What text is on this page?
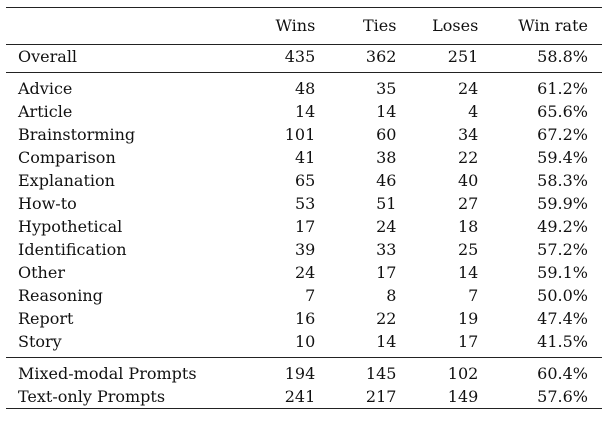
	Wins	Ties	Loses	Win rate
Overall	435	362	251	58.8%
Advice	48	35	24	61.2%
Article	14	14	4	65.6%
Brainstorming	101	60	34	67.2%
Comparison	41	38	22	59.4%
Explanation	65	46	40	58.3%
How-to	53	51	27	59.9%
Hypothetical	17	24	18	49.2%
Identification	39	33	25	57.2%
Other	24	17	14	59.1%
Reasoning	7	8	7	50.0%
Report	16	22	19	47.4%
Story	10	14	17	41.5%
Mixed-modal Prompts	194	145	102	60.4%
Text-only Prompts	241	217	149	57.6%
